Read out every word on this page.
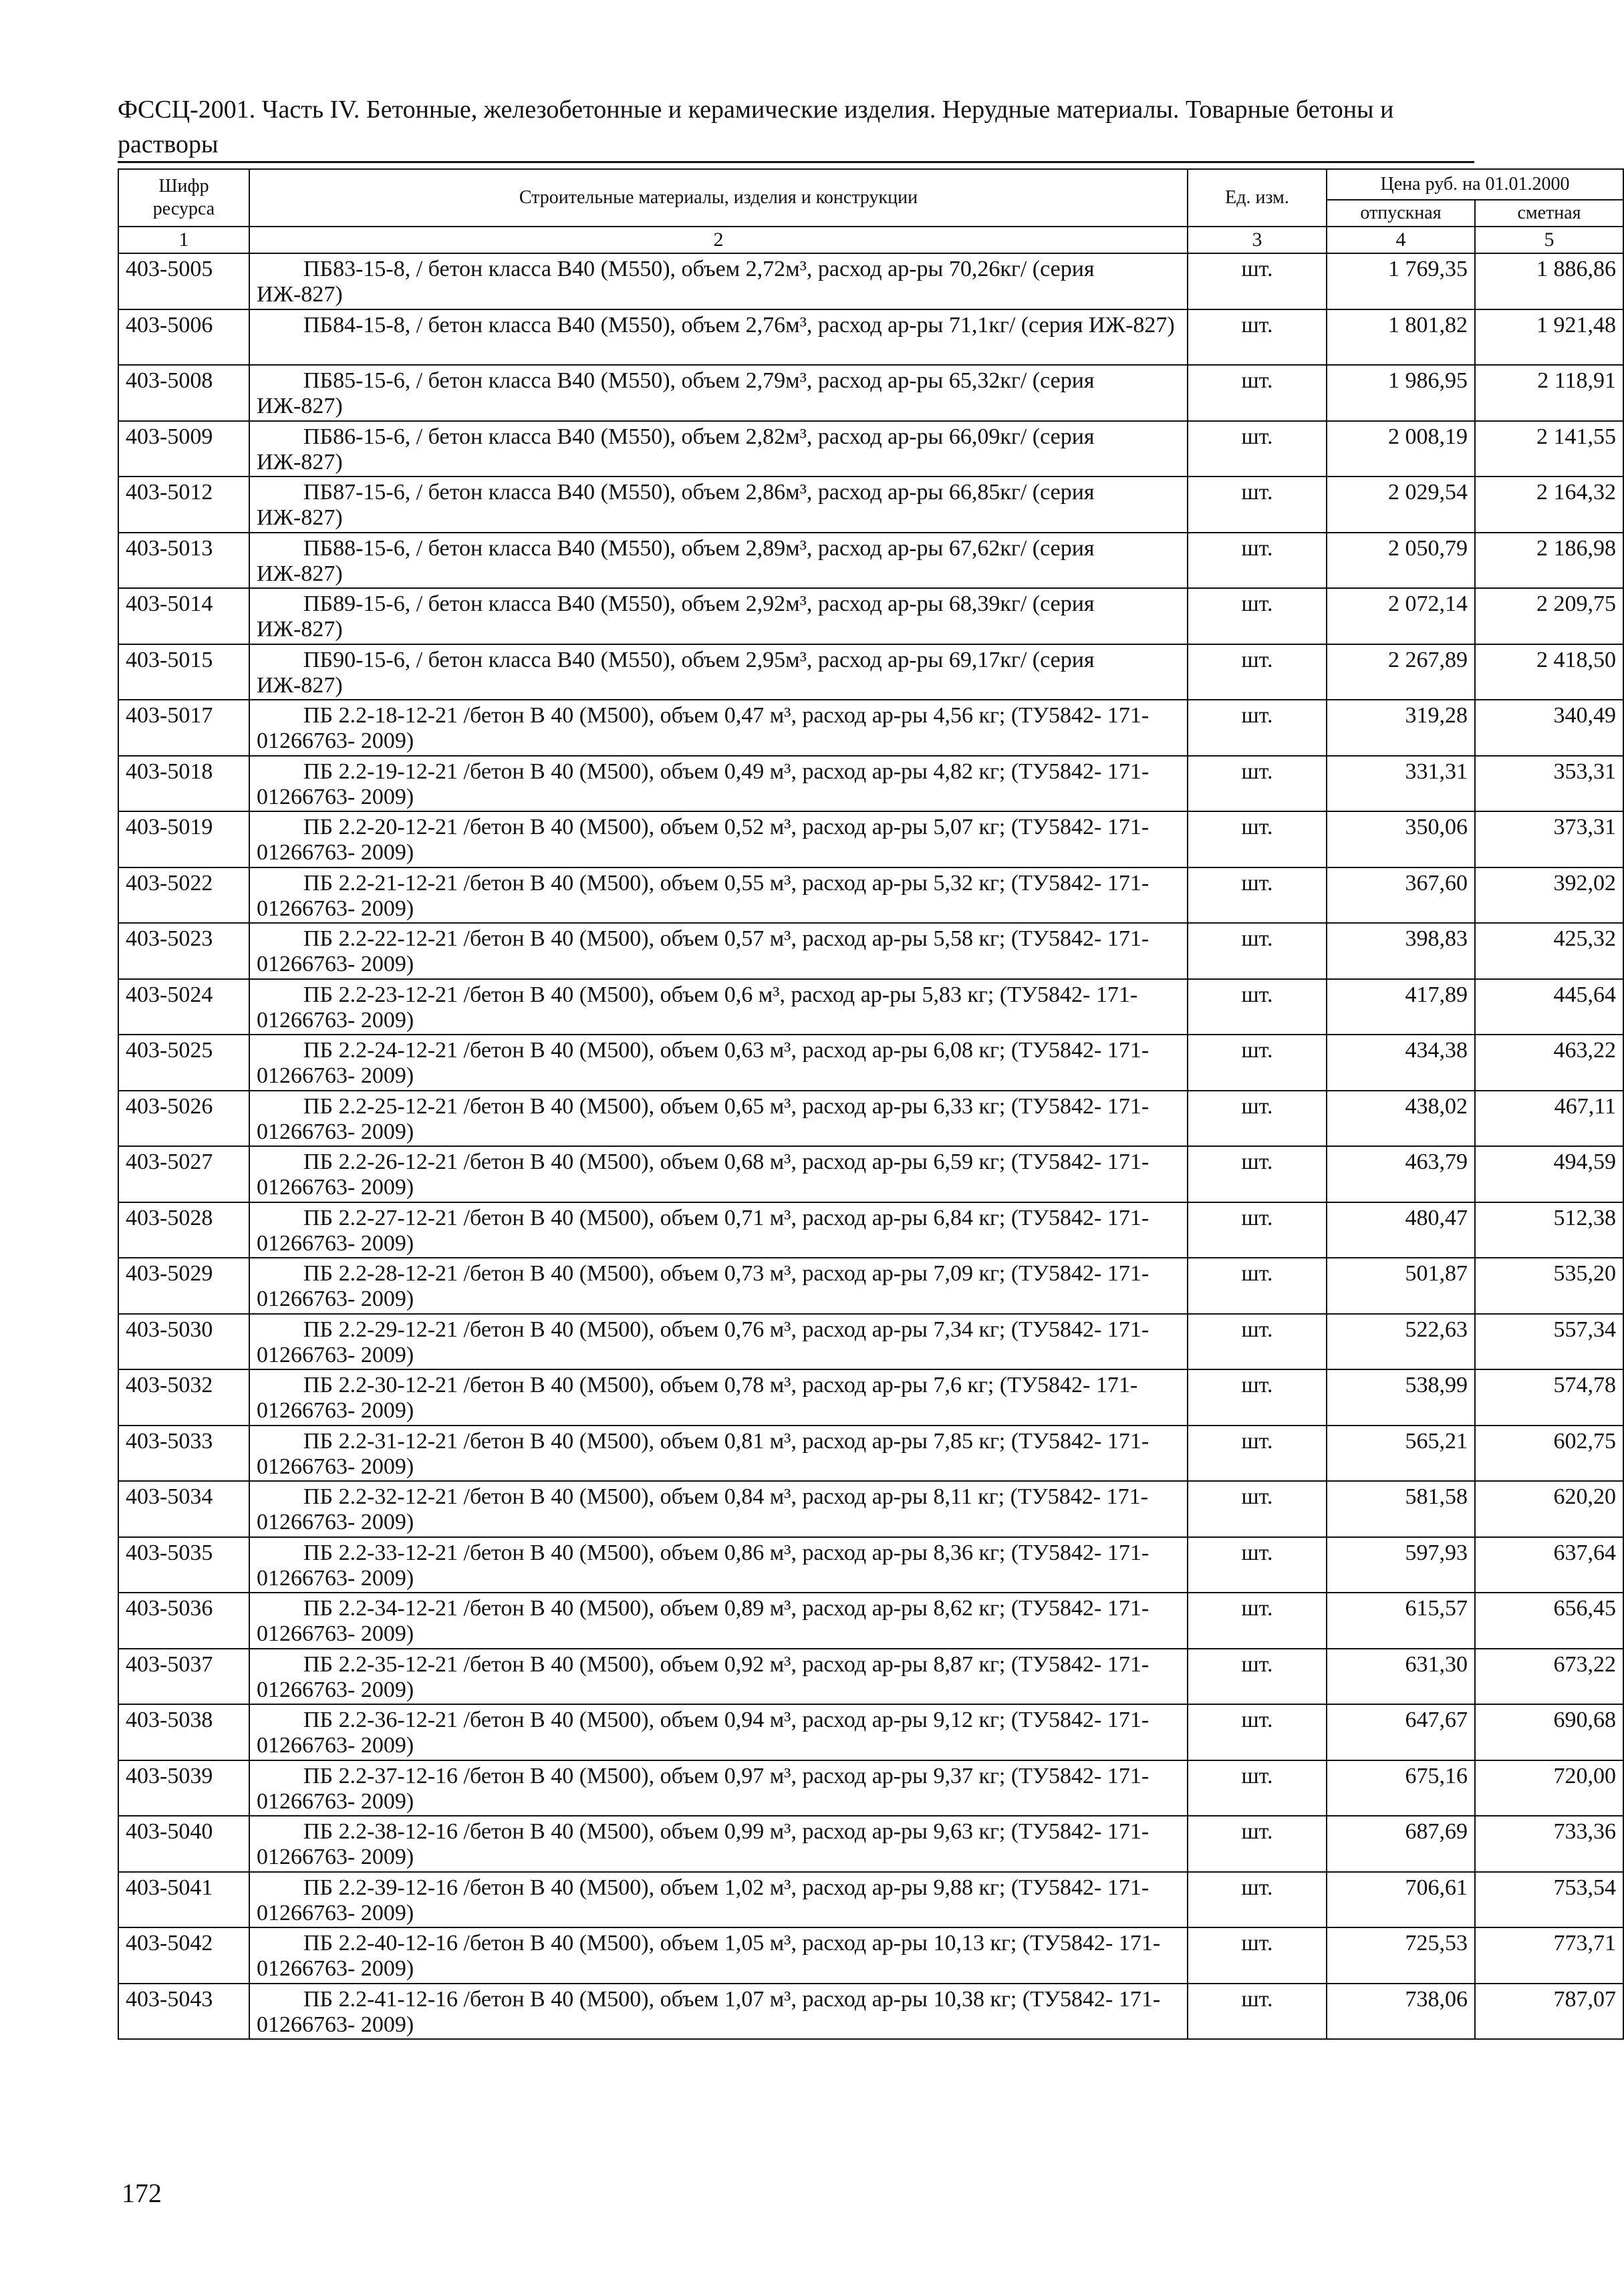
ФССЦ-2001. Часть IV. Бетонные, железобетонные и керамические изделия. Нерудные материалы. Товарные бетоны и растворы
Шифр ресурса	Строительные материалы, изделия и конструкции	Ед. изм.	Цена руб. на 01.01.2000	
			отпускная	сметная
1	2	3	4	5
403-5005	ПБ83-15-8, / бетон класса В40 (М550), объем 2,72м³, расход ар-ры 70,26кг/ (серия ИЖ-827)	шт.	1 769,35	1 886,86
403-5006	ПБ84-15-8, / бетон класса В40 (М550), объем 2,76м³, расход ар-ры 71,1кг/ (серия ИЖ-827)	шт.	1 801,82	1 921,48
403-5008	ПБ85-15-6, / бетон класса В40 (М550), объем 2,79м³, расход ар-ры 65,32кг/ (серия ИЖ-827)	шт.	1 986,95	2 118,91
403-5009	ПБ86-15-6, / бетон класса В40 (М550), объем 2,82м³, расход ар-ры 66,09кг/ (серия ИЖ-827)	шт.	2 008,19	2 141,55
403-5012	ПБ87-15-6, / бетон класса В40 (М550), объем 2,86м³, расход ар-ры 66,85кг/ (серия ИЖ-827)	шт.	2 029,54	2 164,32
403-5013	ПБ88-15-6, / бетон класса В40 (М550), объем 2,89м³, расход ар-ры 67,62кг/ (серия ИЖ-827)	шт.	2 050,79	2 186,98
403-5014	ПБ89-15-6, / бетон класса В40 (М550), объем 2,92м³, расход ар-ры 68,39кг/ (серия ИЖ-827)	шт.	2 072,14	2 209,75
403-5015	ПБ90-15-6, / бетон класса В40 (М550), объем 2,95м³, расход ар-ры 69,17кг/ (серия ИЖ-827)	шт.	2 267,89	2 418,50
403-5017	ПБ 2.2-18-12-21 /бетон В 40 (М500), объем 0,47 м³, расход ар-ры 4,56 кг; (ТУ5842- 171- 01266763- 2009)	шт.	319,28	340,49
403-5018	ПБ 2.2-19-12-21 /бетон В 40 (М500), объем 0,49 м³, расход ар-ры 4,82 кг; (ТУ5842- 171- 01266763- 2009)	шт.	331,31	353,31
403-5019	ПБ 2.2-20-12-21 /бетон В 40 (М500), объем 0,52 м³, расход ар-ры 5,07 кг; (ТУ5842- 171- 01266763- 2009)	шт.	350,06	373,31
403-5022	ПБ 2.2-21-12-21 /бетон В 40 (М500), объем 0,55 м³, расход ар-ры 5,32 кг; (ТУ5842- 171- 01266763- 2009)	шт.	367,60	392,02
403-5023	ПБ 2.2-22-12-21 /бетон В 40 (М500), объем 0,57 м³, расход ар-ры 5,58 кг; (ТУ5842- 171- 01266763- 2009)	шт.	398,83	425,32
403-5024	ПБ 2.2-23-12-21 /бетон В 40 (М500), объем 0,6 м³, расход ар-ры 5,83 кг; (ТУ5842- 171- 01266763- 2009)	шт.	417,89	445,64
403-5025	ПБ 2.2-24-12-21 /бетон В 40 (М500), объем 0,63 м³, расход ар-ры 6,08 кг; (ТУ5842- 171- 01266763- 2009)	шт.	434,38	463,22
403-5026	ПБ 2.2-25-12-21 /бетон В 40 (М500), объем 0,65 м³, расход ар-ры 6,33 кг; (ТУ5842- 171- 01266763- 2009)	шт.	438,02	467,11
403-5027	ПБ 2.2-26-12-21 /бетон В 40 (М500), объем 0,68 м³, расход ар-ры 6,59 кг; (ТУ5842- 171- 01266763- 2009)	шт.	463,79	494,59
403-5028	ПБ 2.2-27-12-21 /бетон В 40 (М500), объем 0,71 м³, расход ар-ры 6,84 кг; (ТУ5842- 171- 01266763- 2009)	шт.	480,47	512,38
403-5029	ПБ 2.2-28-12-21 /бетон В 40 (М500), объем 0,73 м³, расход ар-ры 7,09 кг; (ТУ5842- 171- 01266763- 2009)	шт.	501,87	535,20
403-5030	ПБ 2.2-29-12-21 /бетон В 40 (М500), объем 0,76 м³, расход ар-ры 7,34 кг; (ТУ5842- 171- 01266763- 2009)	шт.	522,63	557,34
403-5032	ПБ 2.2-30-12-21 /бетон В 40 (М500), объем 0,78 м³, расход ар-ры 7,6 кг; (ТУ5842- 171- 01266763- 2009)	шт.	538,99	574,78
403-5033	ПБ 2.2-31-12-21 /бетон В 40 (М500), объем 0,81 м³, расход ар-ры 7,85 кг; (ТУ5842- 171- 01266763- 2009)	шт.	565,21	602,75
403-5034	ПБ 2.2-32-12-21 /бетон В 40 (М500), объем 0,84 м³, расход ар-ры 8,11 кг; (ТУ5842- 171- 01266763- 2009)	шт.	581,58	620,20
403-5035	ПБ 2.2-33-12-21 /бетон В 40 (М500), объем 0,86 м³, расход ар-ры 8,36 кг; (ТУ5842- 171- 01266763- 2009)	шт.	597,93	637,64
403-5036	ПБ 2.2-34-12-21 /бетон В 40 (М500), объем 0,89 м³, расход ар-ры 8,62 кг; (ТУ5842- 171- 01266763- 2009)	шт.	615,57	656,45
403-5037	ПБ 2.2-35-12-21 /бетон В 40 (М500), объем 0,92 м³, расход ар-ры 8,87 кг; (ТУ5842- 171- 01266763- 2009)	шт.	631,30	673,22
403-5038	ПБ 2.2-36-12-21 /бетон В 40 (М500), объем 0,94 м³, расход ар-ры 9,12 кг; (ТУ5842- 171- 01266763- 2009)	шт.	647,67	690,68
403-5039	ПБ 2.2-37-12-16 /бетон В 40 (М500), объем 0,97 м³, расход ар-ры 9,37 кг; (ТУ5842- 171- 01266763- 2009)	шт.	675,16	720,00
403-5040	ПБ 2.2-38-12-16 /бетон В 40 (М500), объем 0,99 м³, расход ар-ры 9,63 кг; (ТУ5842- 171- 01266763- 2009)	шт.	687,69	733,36
403-5041	ПБ 2.2-39-12-16 /бетон В 40 (М500), объем 1,02 м³, расход ар-ры 9,88 кг; (ТУ5842- 171- 01266763- 2009)	шт.	706,61	753,54
403-5042	ПБ 2.2-40-12-16 /бетон В 40 (М500), объем 1,05 м³, расход ар-ры 10,13 кг; (ТУ5842- 171- 01266763- 2009)	шт.	725,53	773,71
403-5043	ПБ 2.2-41-12-16 /бетон В 40 (М500), объем 1,07 м³, расход ар-ры 10,38 кг; (ТУ5842- 171- 01266763- 2009)	шт.	738,06	787,07
172
